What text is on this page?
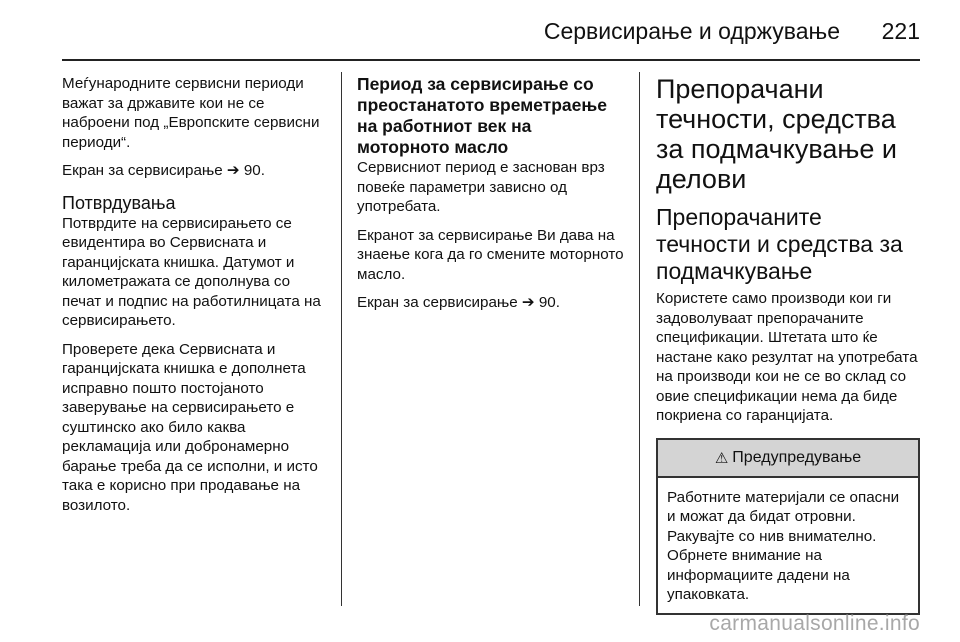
Сервисирање и одржување 221

Меѓународните сервисни периоди важат за државите кои не се наброени под „Европските сервисни периоди“.

Екран за сервисирање ➔ 90.

Потврдувања

Потврдите на сервисирањето се евидентира во Сервисната и гаранцијската книшка. Датумот и километражата се дополнува со печат и подпис на работилницата на сервисирањето.

Проверете дека Сервисната и гаранцијската книшка е дополнета исправно пошто постојаното заверување на сервисирањето е суштинско ако било каква рекламација или добронамерно барање треба да се исполни, и исто така е корисно при продавање на возилото.

Период за сервисирање со преостанатото времетраење на работниот век на моторното масло

Сервисниот период е заснован врз повеќе параметри зависно од употребата.

Екранот за сервисирање Ви дава на знаење кога да го смените моторното масло.

Екран за сервисирање ➔ 90.

Препорачани течности, средства за подмачкување и делови
Препорачаните течности и средства за подмачкување

Користете само производи кои ги задоволуваат препорачаните спецификации. Штетата што ќе настане како резултат на употребата на производи кои не се во склад со овие спецификации нема да биде покриена со гаранцијата.

⚠ Предупредување

Работните материјали се опасни и можат да бидат отровни. Ракувајте со нив внимателно. Обрнете внимание на информациите дадени на упаковката.

carmanualsonline.info
